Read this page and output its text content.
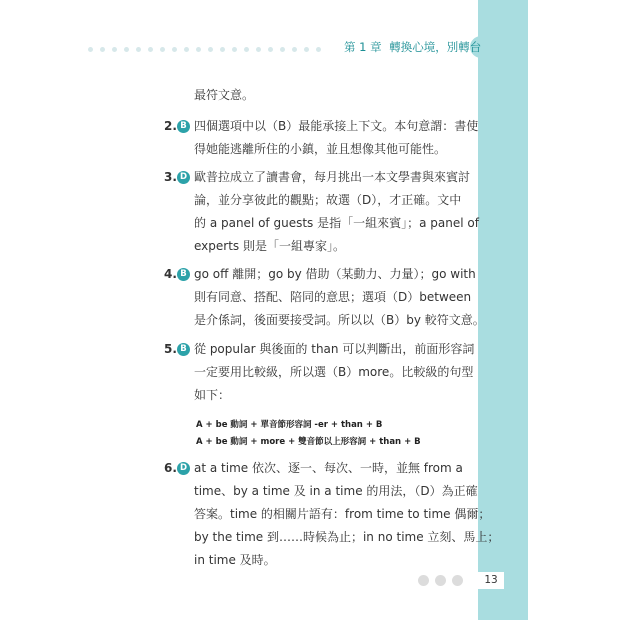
第 1 章 轉換心境，別轉台
最符文意。
2. B 四個選項中以（B）最能承接上下文。本句意謂：書使
得她能逃離所住的小鎮，並且想像其他可能性。
3. D 歐普拉成立了讀書會，每月挑出一本文學書與來賓討
論，並分享彼此的觀點；故選（D），才正確。文中
的 a panel of guests 是指「一組來賓」；a panel of
experts 則是「一組專家」。
4. B go off 離開；go by 借助（某動力、力量）；go with
則有同意、搭配、陪同的意思；選項（D）between
是介係詞，後面要接受詞。所以以（B）by 較符文意。
5. B 從 popular 與後面的 than 可以判斷出，前面形容詞
一定要用比較級，所以選（B）more。比較級的句型
如下：
A + be 動詞 + 單音節形容詞 -er + than + B
A + be 動詞 + more + 雙音節以上形容詞 + than + B
6. D at a time 依次、逐一、每次、一時，並無 from a
time、by a time 及 in a time 的用法，（D）為正確
答案。time 的相關片語有：from time to time 偶爾；
by the time 到……時候為止；in no time 立刻、馬上；
in time 及時。
13
